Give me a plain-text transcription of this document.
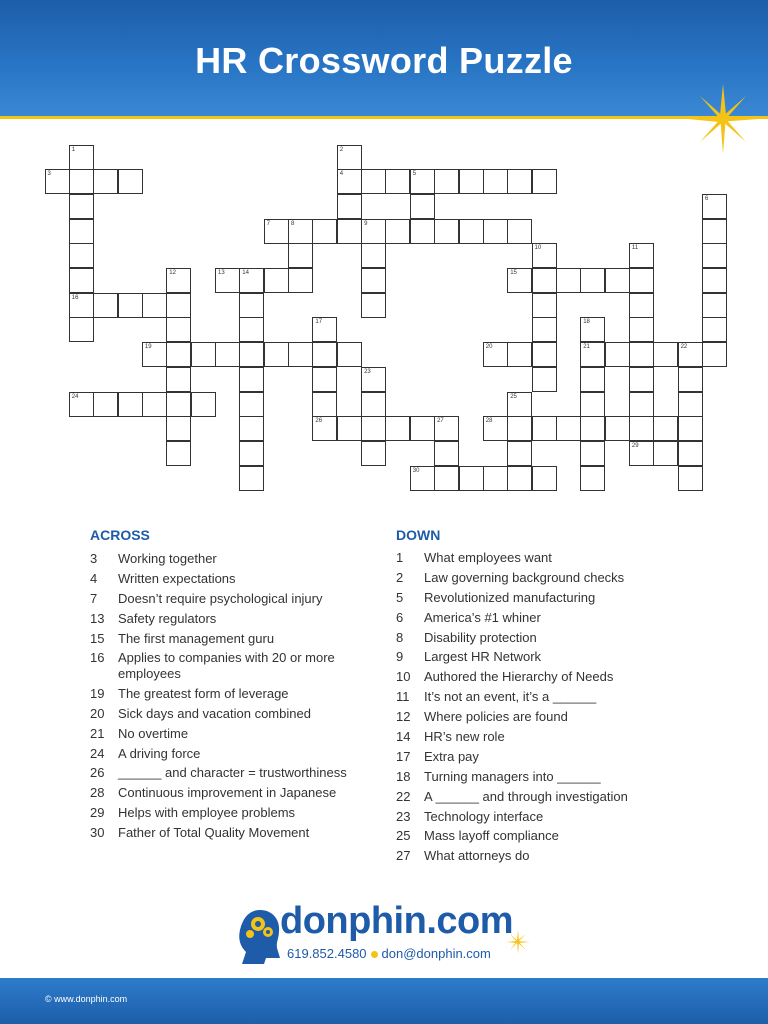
HR Crossword Puzzle
1	2
3	4	5
6
7	8	9
10	11
12	13	14	15
16
17	18
19	20	21	22
23
24	25
26	27	28
29
30
ACROSS
3	Working together
4	Written expectations
7	Doesn’t require psychological injury
13	Safety regulators
15	The first management guru
16	Applies to companies with 20 or more employees
19	The greatest form of leverage
20	Sick days and vacation combined
21	No overtime
24	A driving force
26	______ and character = trustworthiness
28	Continuous improvement in Japanese
29	Helps with employee problems
30	Father of Total Quality Movement
DOWN
1	What employees want
2	Law governing background checks
5	Revolutionized manufacturing
6	America’s #1 whiner
8	Disability protection
9	Largest HR Network
10	Authored the Hierarchy of Needs
11	It’s not an event, it’s a ______
12	Where policies are found
14	HR’s new role
17	Extra pay
18	Turning managers into ______
22	A ______ and through investigation
23	Technology interface
25	Mass layoff compliance
27	What attorneys do
donphin.com
619.852.4580 don@donphin.com
© www.donphin.com
